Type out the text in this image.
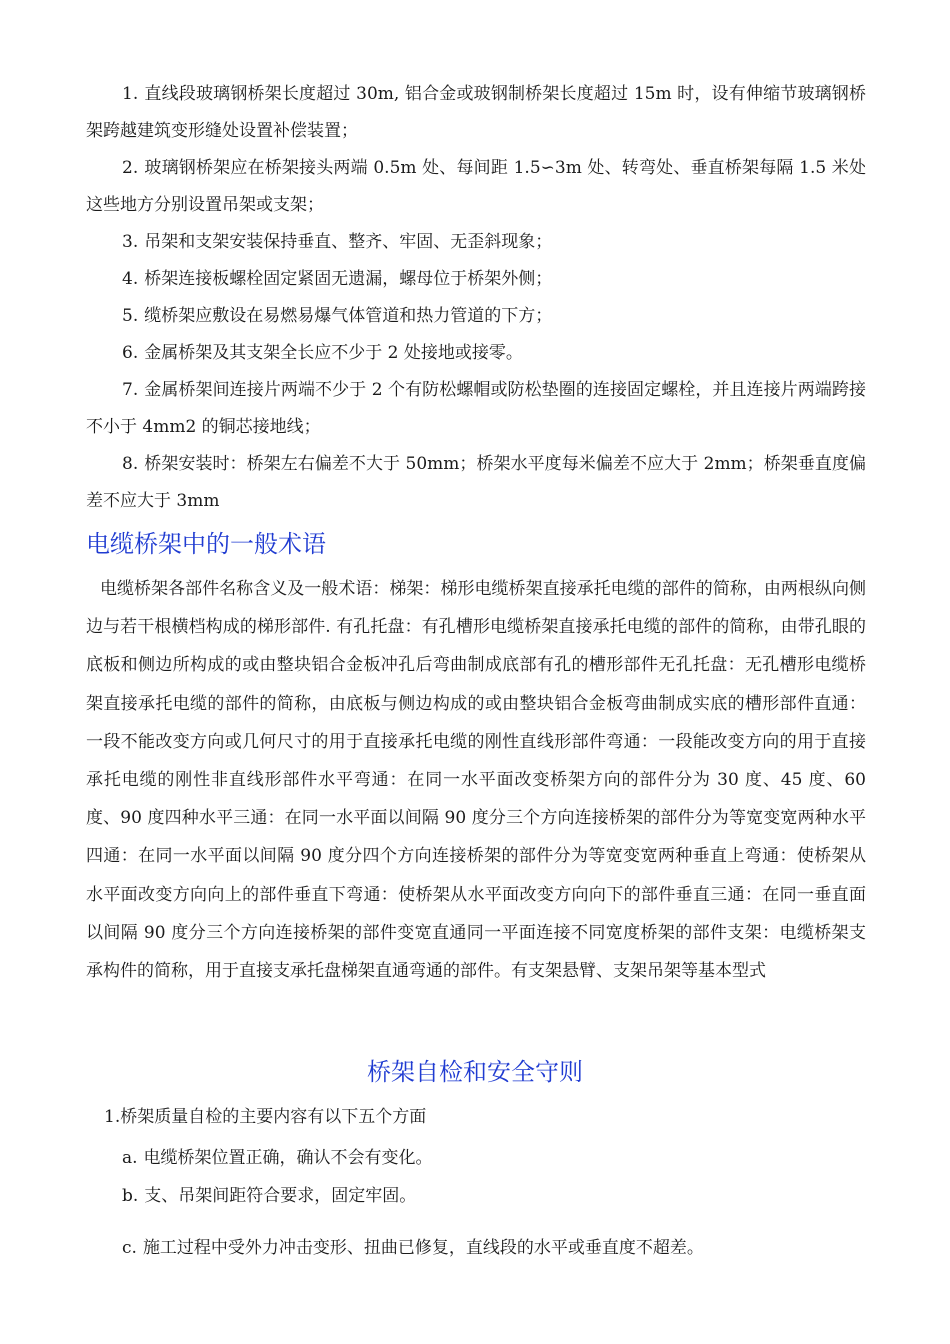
1. 直线段玻璃钢桥架长度超过 30m, 铝合金或玻钢制桥架长度超过 15m 时，设有伸缩节玻璃钢桥架跨越建筑变形缝处设置补偿装置；

2. 玻璃钢桥架应在桥架接头两端 0.5m 处、每间距 1.5∽3m 处、转弯处、垂直桥架每隔 1.5 米处这些地方分别设置吊架或支架；

3. 吊架和支架安装保持垂直、整齐、牢固、无歪斜现象；

4. 桥架连接板螺栓固定紧固无遗漏，螺母位于桥架外侧；

5. 缆桥架应敷设在易燃易爆气体管道和热力管道的下方；

6. 金属桥架及其支架全长应不少于 2 处接地或接零。

7. 金属桥架间连接片两端不少于 2 个有防松螺帽或防松垫圈的连接固定螺栓，并且连接片两端跨接不小于 4mm2 的铜芯接地线；

8. 桥架安装时：桥架左右偏差不大于 50mm；桥架水平度每米偏差不应大于 2mm；桥架垂直度偏差不应大于 3mm

电缆桥架中的一般术语

电缆桥架各部件名称含义及一般术语：梯架：梯形电缆桥架直接承托电缆的部件的简称，由两根纵向侧边与若干根横档构成的梯形部件. 有孔托盘：有孔槽形电缆桥架直接承托电缆的部件的简称，由带孔眼的底板和侧边所构成的或由整块铝合金板冲孔后弯曲制成底部有孔的槽形部件无孔托盘：无孔槽形电缆桥架直接承托电缆的部件的简称，由底板与侧边构成的或由整块铝合金板弯曲制成实底的槽形部件直通：一段不能改变方向或几何尺寸的用于直接承托电缆的刚性直线形部件弯通：一段能改变方向的用于直接承托电缆的刚性非直线形部件水平弯通：在同一水平面改变桥架方向的部件分为 30 度、45 度、60 度、90 度四种水平三通：在同一水平面以间隔 90 度分三个方向连接桥架的部件分为等宽变宽两种水平四通：在同一水平面以间隔 90 度分四个方向连接桥架的部件分为等宽变宽两种垂直上弯通：使桥架从水平面改变方向向上的部件垂直下弯通：使桥架从水平面改变方向向下的部件垂直三通：在同一垂直面以间隔 90 度分三个方向连接桥架的部件变宽直通同一平面连接不同宽度桥架的部件支架：电缆桥架支承构件的简称，用于直接支承托盘梯架直通弯通的部件。有支架悬臂、支架吊架等基本型式

桥架自检和安全守则

1.桥架质量自检的主要内容有以下五个方面

a. 电缆桥架位置正确，确认不会有变化。

b. 支、吊架间距符合要求，固定牢固。

c. 施工过程中受外力冲击变形、扭曲已修复，直线段的水平或垂直度不超差。
